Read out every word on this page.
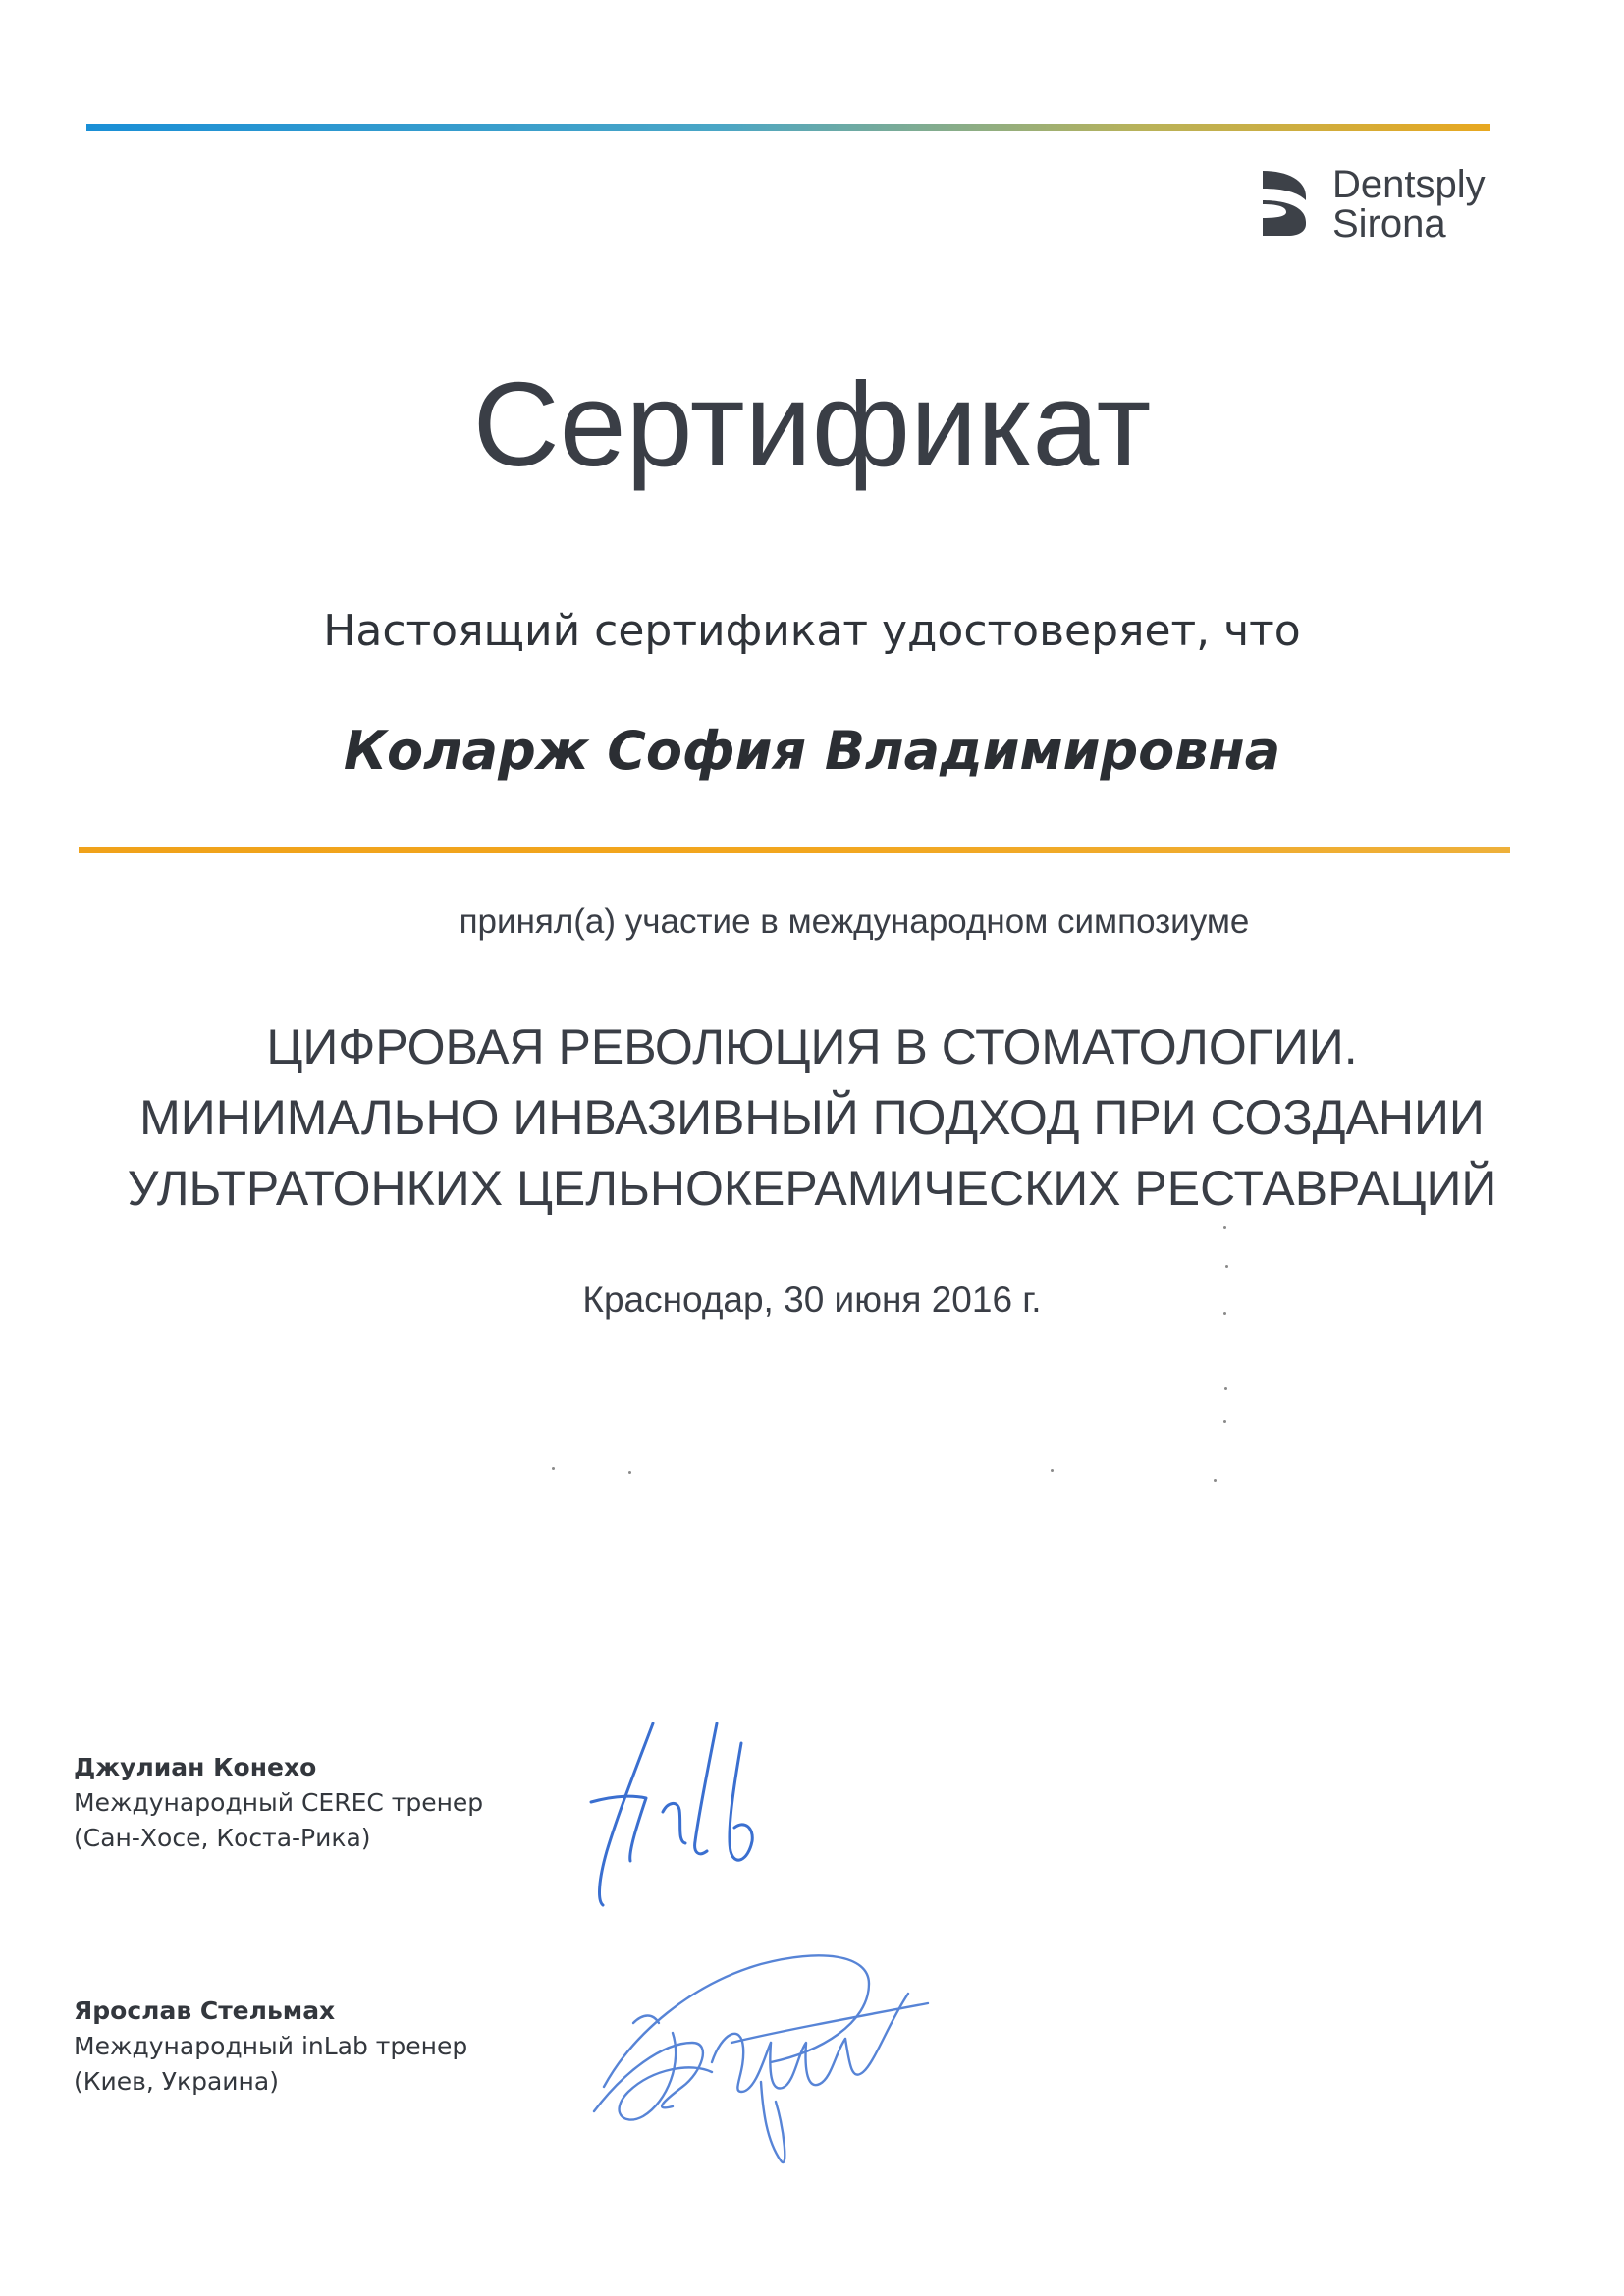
Dentsply
Sirona
Сертификат
Настоящий сертификат удостоверяет, что
Коларж София Владимировна
принял(а) участие в международном симпозиуме
ЦИФРОВАЯ РЕВОЛЮЦИЯ В СТОМАТОЛОГИИ.
МИНИМАЛЬНО ИНВАЗИВНЫЙ ПОДХОД ПРИ СОЗДАНИИ
УЛЬТРАТОНКИХ ЦЕЛЬНОКЕРАМИЧЕСКИХ РЕСТАВРАЦИЙ
Краснодар, 30 июня 2016 г.
Джулиан Конехо
Международный CEREC тренер
(Сан-Хосе, Коста-Рика)
Ярослав Стельмах
Международный inLab тренер
(Киев, Украина)
